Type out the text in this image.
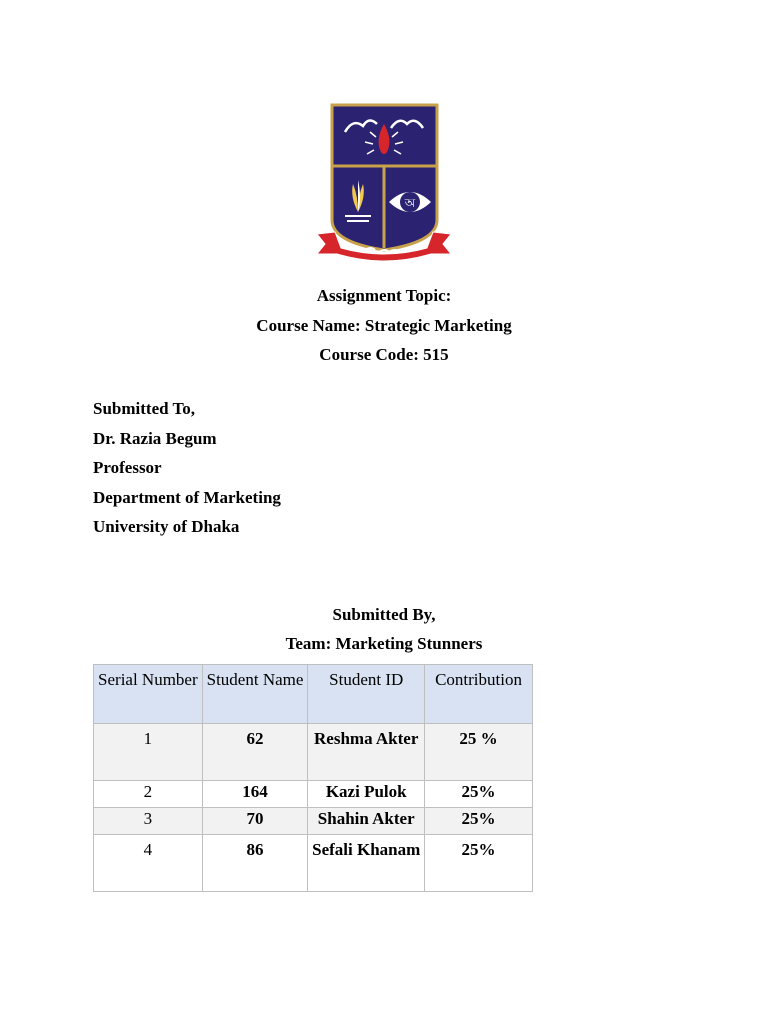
অ
Assignment Topic:
Course Name: Strategic Marketing
Course Code: 515
Submitted To,
Dr. Razia Begum
Professor
Department of Marketing
University of Dhaka
Submitted By,
Team: Marketing Stunners
Serial Number	Student Name	Student ID	Contribution
1	62	Reshma Akter	25 %
2	164	Kazi Pulok	25%
3	70	Shahin Akter	25%
4	86	Sefali Khanam	25%
